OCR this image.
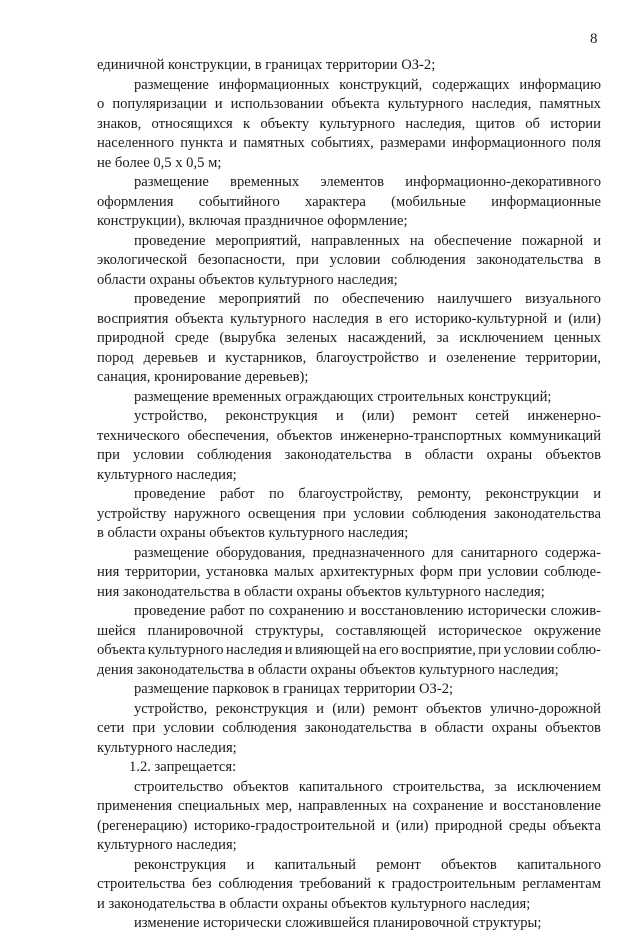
8
единичной конструкции, в границах территории ОЗ-2;
размещение информационных конструкций, содержащих информацию
о популяризации и использовании объекта культурного наследия, памятных
знаков, относящихся к объекту культурного наследия, щитов об истории
населенного пункта и памятных событиях, размерами информационного поля
не более 0,5 х 0,5 м;
размещение временных элементов информационно-декоративного
оформления событийного характера (мобильные информационные
конструкции), включая праздничное оформление;
проведение мероприятий, направленных на обеспечение пожарной и
экологической безопасности, при условии соблюдения законодательства в
области охраны объектов культурного наследия;
проведение мероприятий по обеспечению наилучшего визуального
восприятия объекта культурного наследия в его историко-культурной и (или)
природной среде (вырубка зеленых насаждений, за исключением ценных
пород деревьев и кустарников, благоустройство и озеленение территории,
санация, кронирование деревьев);
размещение временных ограждающих строительных конструкций;
устройство, реконструкция и (или) ремонт сетей инженерно-
технического обеспечения, объектов инженерно-транспортных коммуникаций
при условии соблюдения законодательства в области охраны объектов
культурного наследия;
проведение работ по благоустройству, ремонту, реконструкции и
устройству наружного освещения при условии соблюдения законодательства
в области охраны объектов культурного наследия;
размещение оборудования, предназначенного для санитарного содержа-
ния территории, установка малых архитектурных форм при условии соблюде-
ния законодательства в области охраны объектов культурного наследия;
проведение работ по сохранению и восстановлению исторически сложив-
шейся планировочной структуры, составляющей историческое окружение
объекта культурного наследия и влияющей на его восприятие, при условии соблю-
дения законодательства в области охраны объектов культурного наследия;
размещение парковок в границах территории ОЗ-2;
устройство, реконструкция и (или) ремонт объектов улично-дорожной
сети при условии соблюдения законодательства в области охраны объектов
культурного наследия;
1.2. запрещается:
строительство объектов капитального строительства, за исключением
применения специальных мер, направленных на сохранение и восстановление
(регенерацию) историко-градостроительной и (или) природной среды объекта
культурного наследия;
реконструкция и капитальный ремонт объектов капитального
строительства без соблюдения требований к градостроительным регламентам
и законодательства в области охраны объектов культурного наследия;
изменение исторически сложившейся планировочной структуры;
